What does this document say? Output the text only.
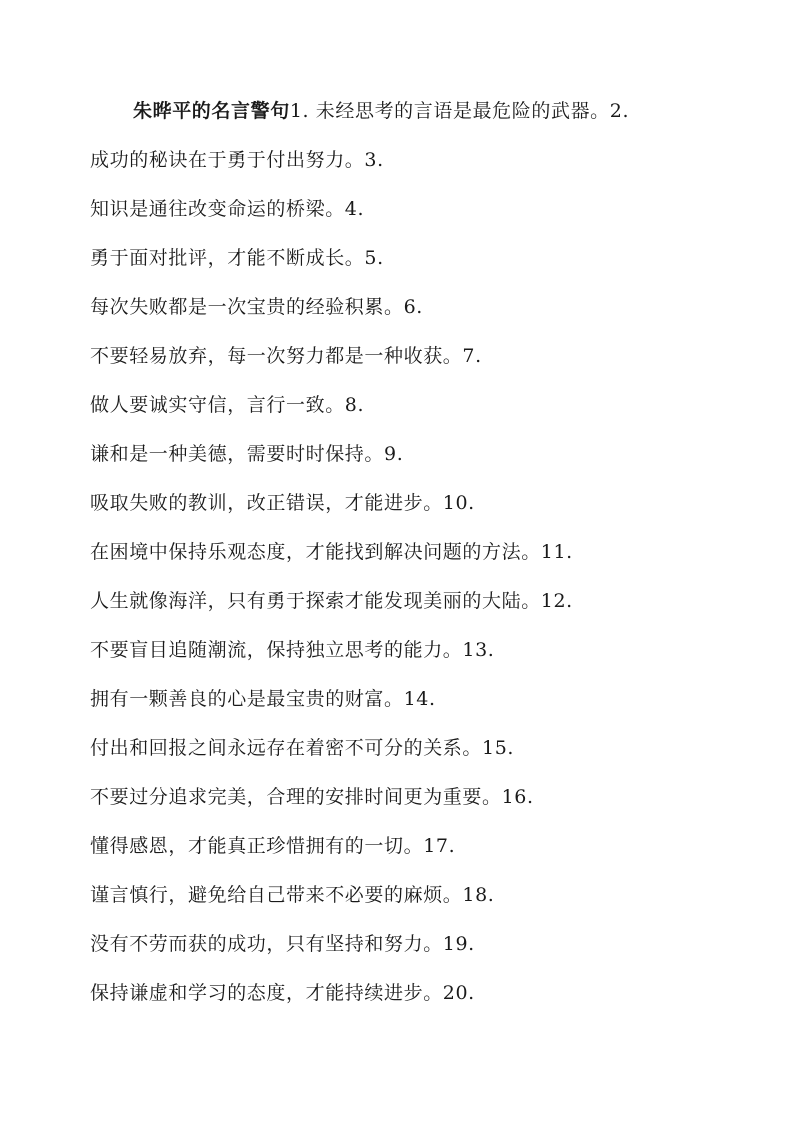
朱晔平的名言警句1. 未经思考的言语是最危险的武器。2.
成功的秘诀在于勇于付出努力。3.
知识是通往改变命运的桥梁。4.
勇于面对批评，才能不断成长。5.
每次失败都是一次宝贵的经验积累。6.
不要轻易放弃，每一次努力都是一种收获。7.
做人要诚实守信，言行一致。8.
谦和是一种美德，需要时时保持。9.
吸取失败的教训，改正错误，才能进步。10.
在困境中保持乐观态度，才能找到解决问题的方法。11.
人生就像海洋，只有勇于探索才能发现美丽的大陆。12.
不要盲目追随潮流，保持独立思考的能力。13.
拥有一颗善良的心是最宝贵的财富。14.
付出和回报之间永远存在着密不可分的关系。15.
不要过分追求完美，合理的安排时间更为重要。16.
懂得感恩，才能真正珍惜拥有的一切。17.
谨言慎行，避免给自己带来不必要的麻烦。18.
没有不劳而获的成功，只有坚持和努力。19.
保持谦虚和学习的态度，才能持续进步。20.
